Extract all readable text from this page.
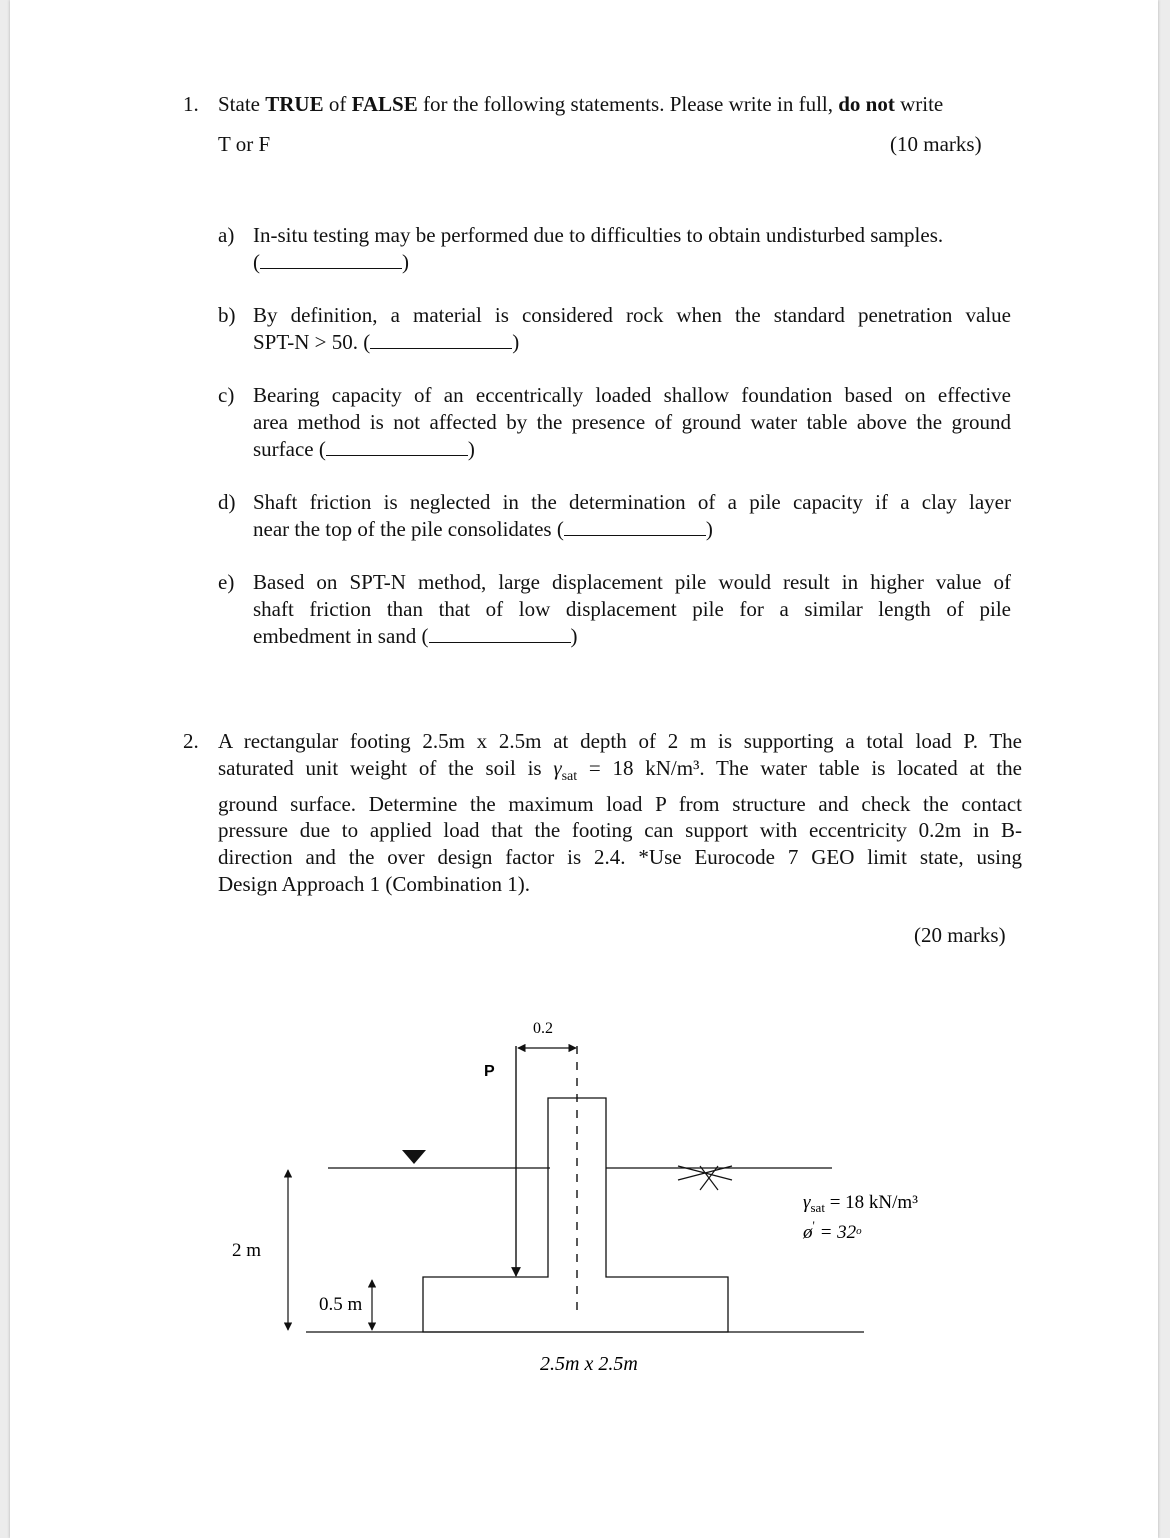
1. State TRUE of FALSE for the following statements. Please write in full, do not write
T or F	(10 marks)
a) In-situ testing may be performed due to difficulties to obtain undisturbed samples.
(	)
b) By definition, a material is considered rock when the standard penetration value
SPT-N > 50. (	)
c) Bearing capacity of an eccentrically loaded shallow foundation based on effective
area method is not affected by the presence of ground water table above the ground
surface (	)
d) Shaft friction is neglected in the determination of a pile capacity if a clay layer
near the top of the pile consolidates (	)
e) Based on SPT-N method, large displacement pile would result in higher value of
shaft friction than that of low displacement pile for a similar length of pile
embedment in sand (	)
2. A rectangular footing 2.5m x 2.5m at depth of 2 m is supporting a total load P. The
saturated unit weight of the soil is $\gamma_{sat} = 18$ kN/m³. The water table is located at the
ground surface. Determine the maximum load P from structure and check the contact
pressure due to applied load that the footing can support with eccentricity 0.2m in B-
direction and the over design factor is 2.4. *Use Eurocode 7 GEO limit state, using
Design Approach 1 (Combination 1).
(20 marks)
P
0.2
2 m
0.5 m
2.5m x 2.5m
$\gamma_{sat} = 18$ kN/m³
ø' = $32^o$
